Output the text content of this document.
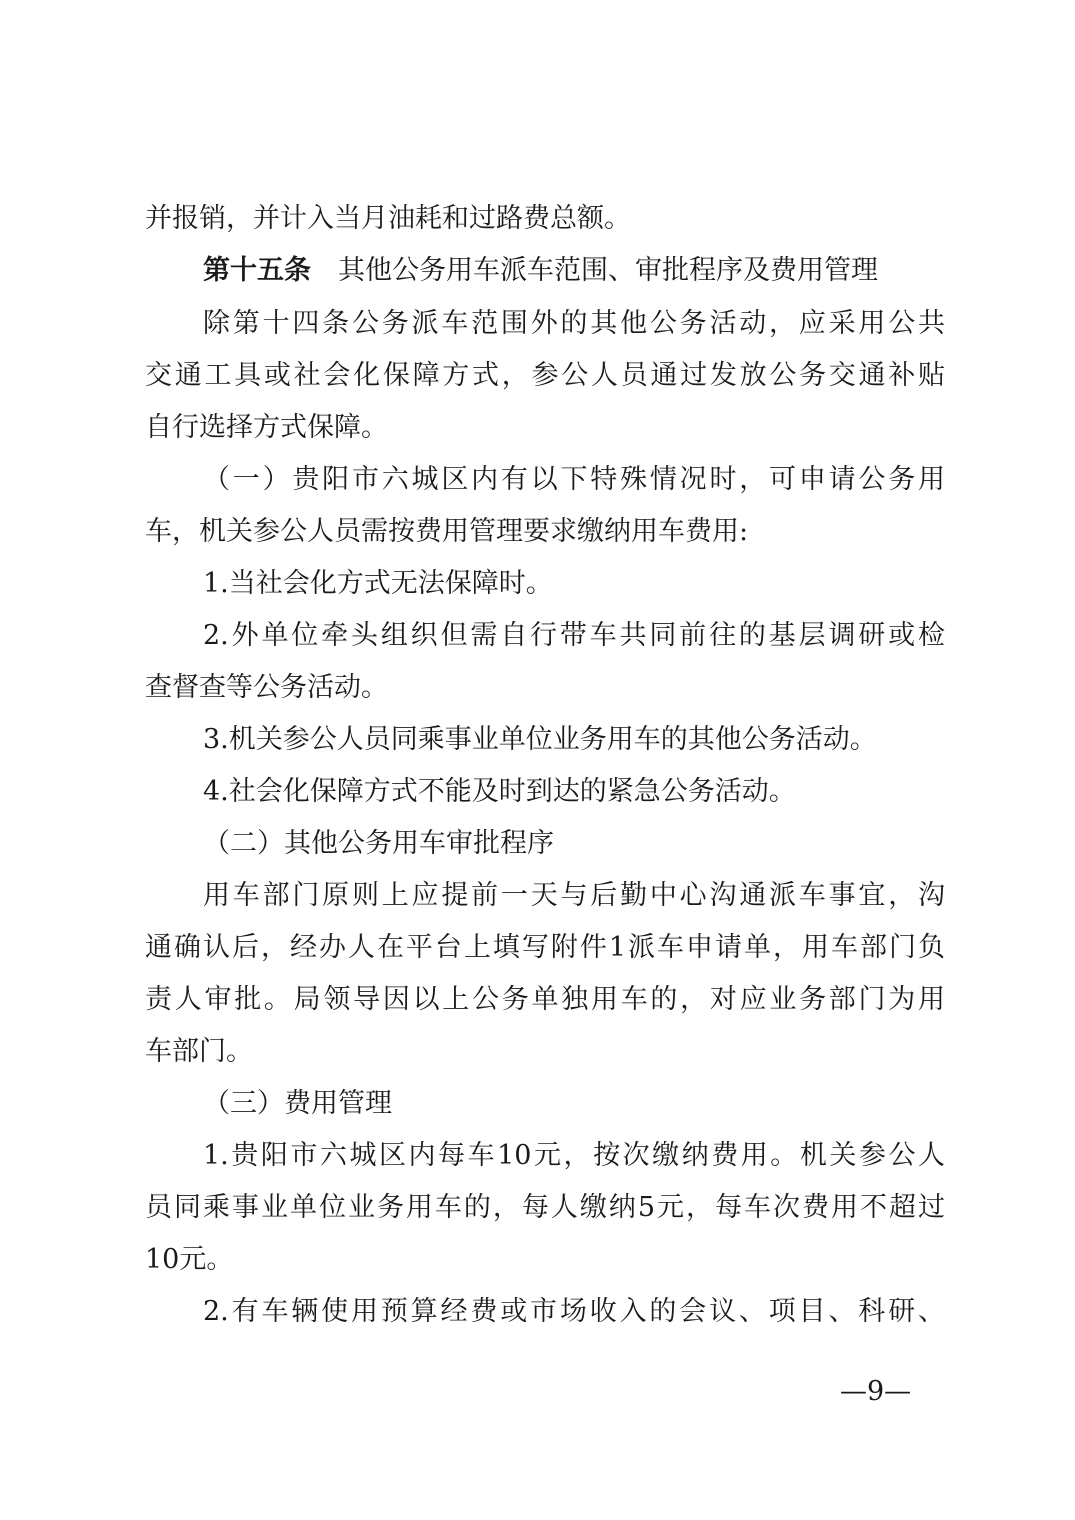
并报销，并计入当月油耗和过路费总额。
第十五条  其他公务用车派车范围、审批程序及费用管理
除第十四条公务派车范围外的其他公务活动，应采用公共
交通工具或社会化保障方式，参公人员通过发放公务交通补贴
自行选择方式保障。
（一）贵阳市六城区内有以下特殊情况时，可申请公务用
车，机关参公人员需按费用管理要求缴纳用车费用:
1.当社会化方式无法保障时。
2.外单位牵头组织但需自行带车共同前往的基层调研或检
查督查等公务活动。
3.机关参公人员同乘事业单位业务用车的其他公务活动。
4.社会化保障方式不能及时到达的紧急公务活动。
（二）其他公务用车审批程序
用车部门原则上应提前一天与后勤中心沟通派车事宜，沟
通确认后，经办人在平台上填写附件1派车申请单，用车部门负
责人审批。局领导因以上公务单独用车的，对应业务部门为用
车部门。
（三）费用管理
1.贵阳市六城区内每车10元，按次缴纳费用。机关参公人
员同乘事业单位业务用车的，每人缴纳5元，每车次费用不超过
10元。
2.有车辆使用预算经费或市场收入的会议、项目、科研、
—9—
